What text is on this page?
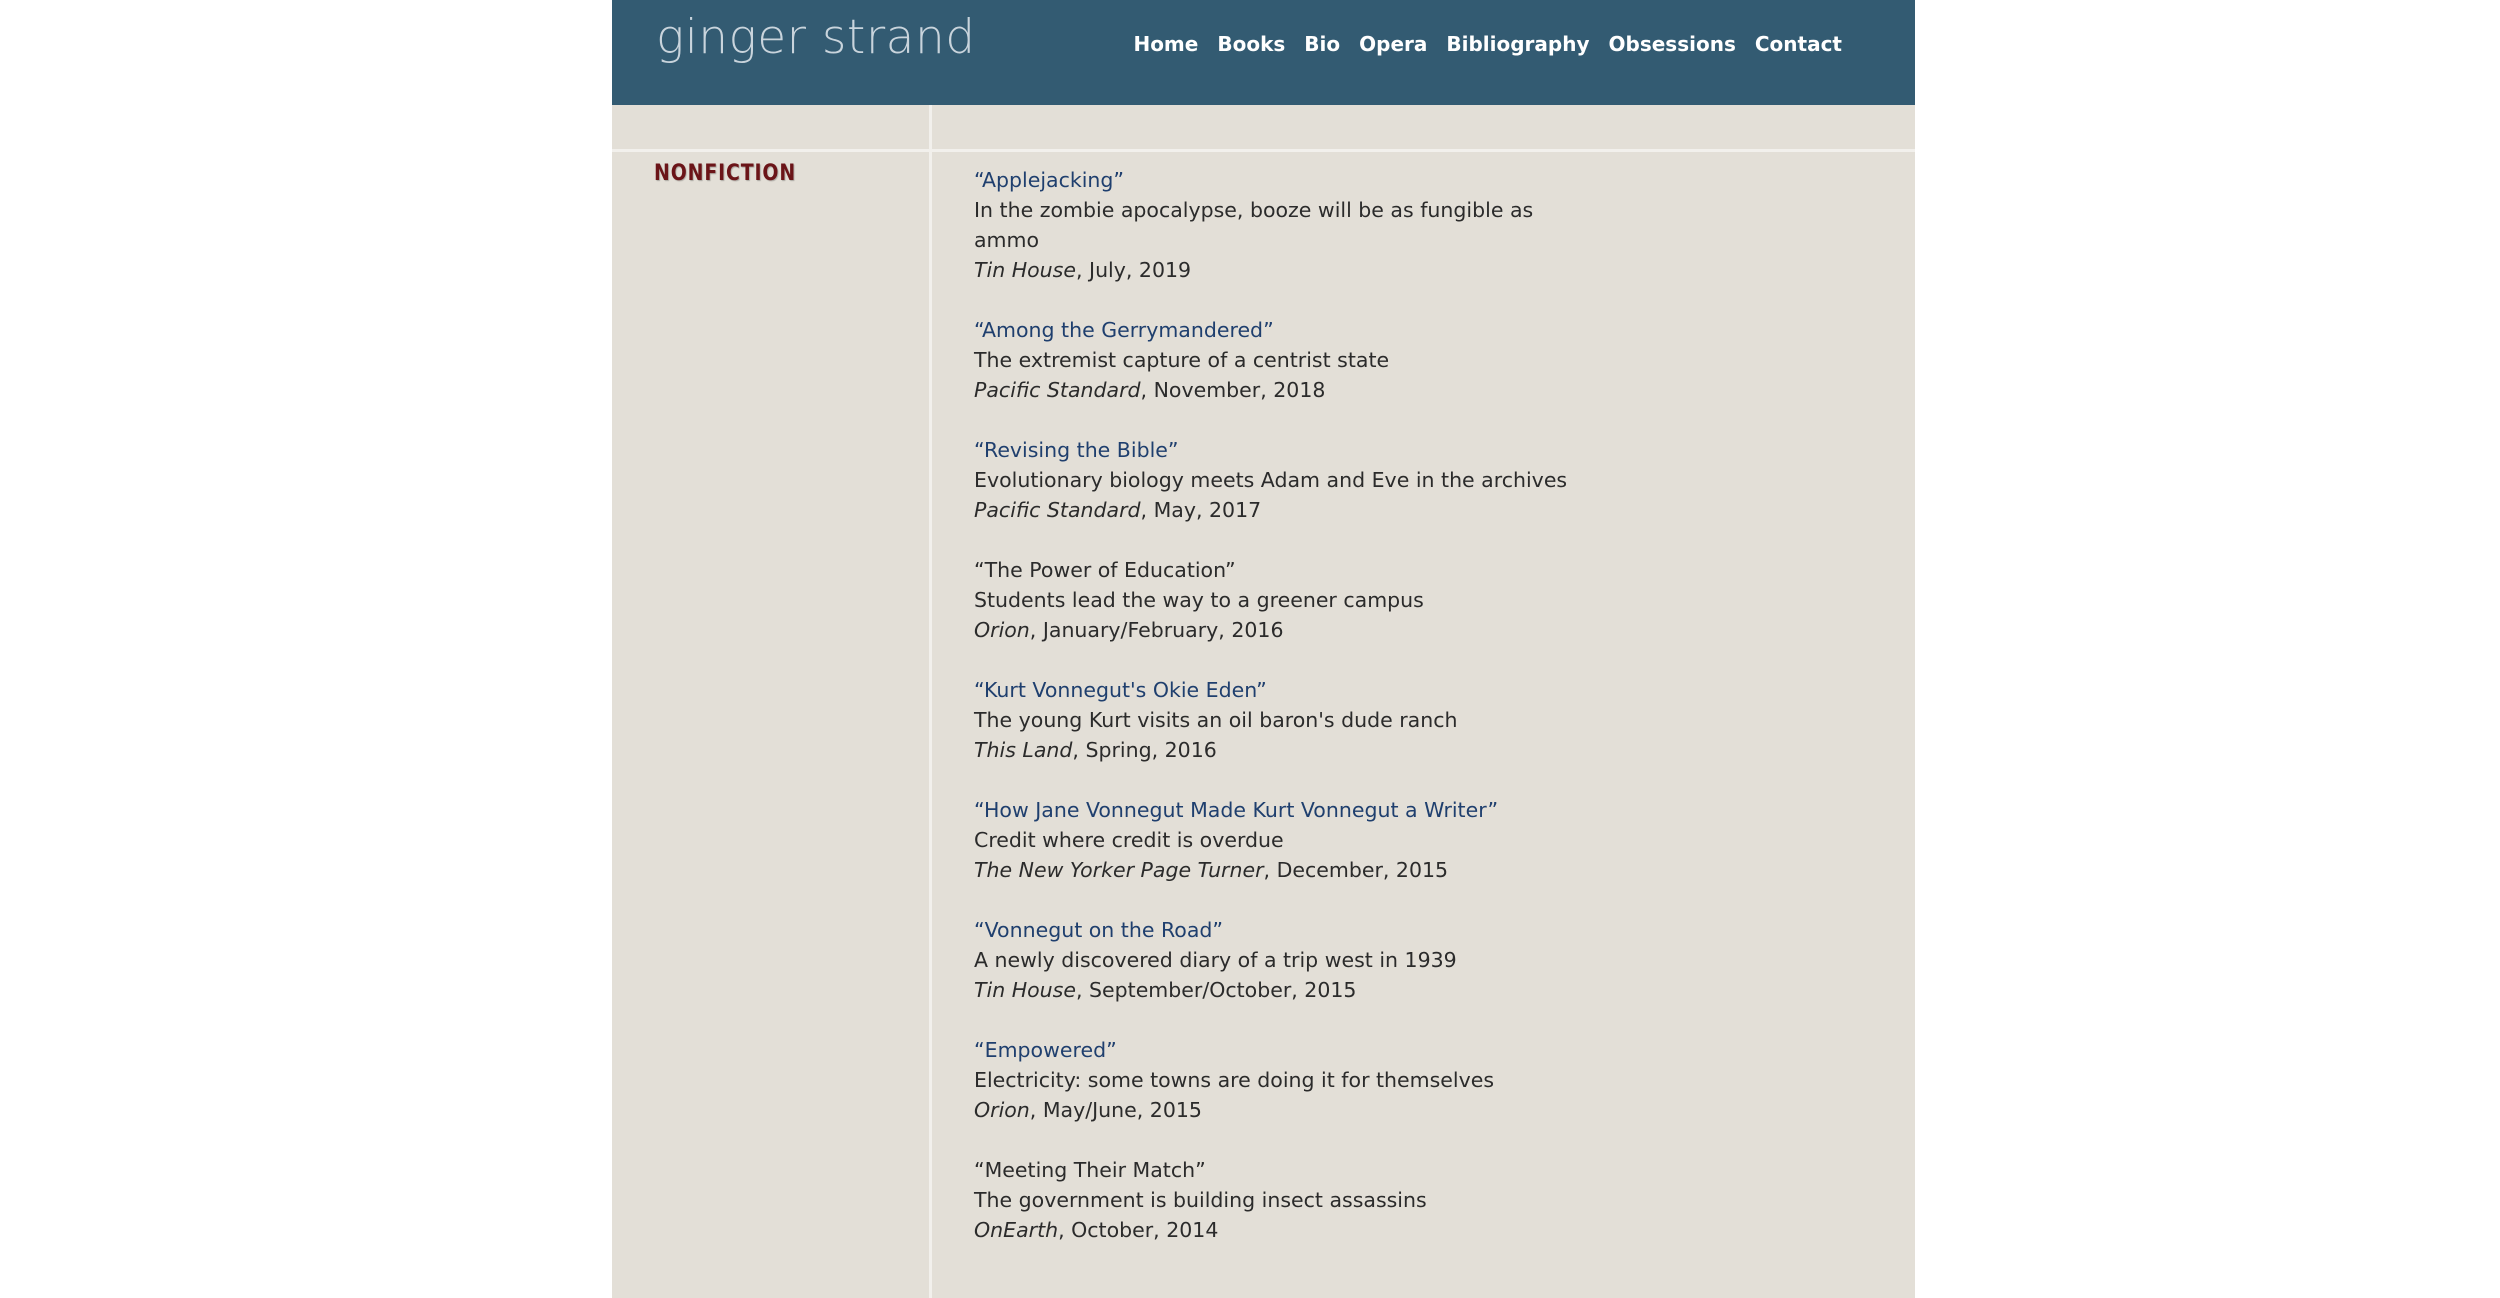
ginger strand	Home Books Bio Opera Bibliography Obsessions Contact
NONFICTION	“Applejacking”
In the zombie apocalypse, booze will be as fungible as ammo
Tin House, July, 2019
“Among the Gerrymandered”
The extremist capture of a centrist state
Pacific Standard, November, 2018
“Revising the Bible”
Evolutionary biology meets Adam and Eve in the archives
Pacific Standard, May, 2017
“The Power of Education”
Students lead the way to a greener campus
Orion, January/February, 2016
“Kurt Vonnegut's Okie Eden”
The young Kurt visits an oil baron's dude ranch
This Land, Spring, 2016
“How Jane Vonnegut Made Kurt Vonnegut a Writer”
Credit where credit is overdue
The New Yorker Page Turner, December, 2015
“Vonnegut on the Road”
A newly discovered diary of a trip west in 1939
Tin House, September/October, 2015
“Empowered”
Electricity: some towns are doing it for themselves
Orion, May/June, 2015
“Meeting Their Match”
The government is building insect assassins
OnEarth, October, 2014
